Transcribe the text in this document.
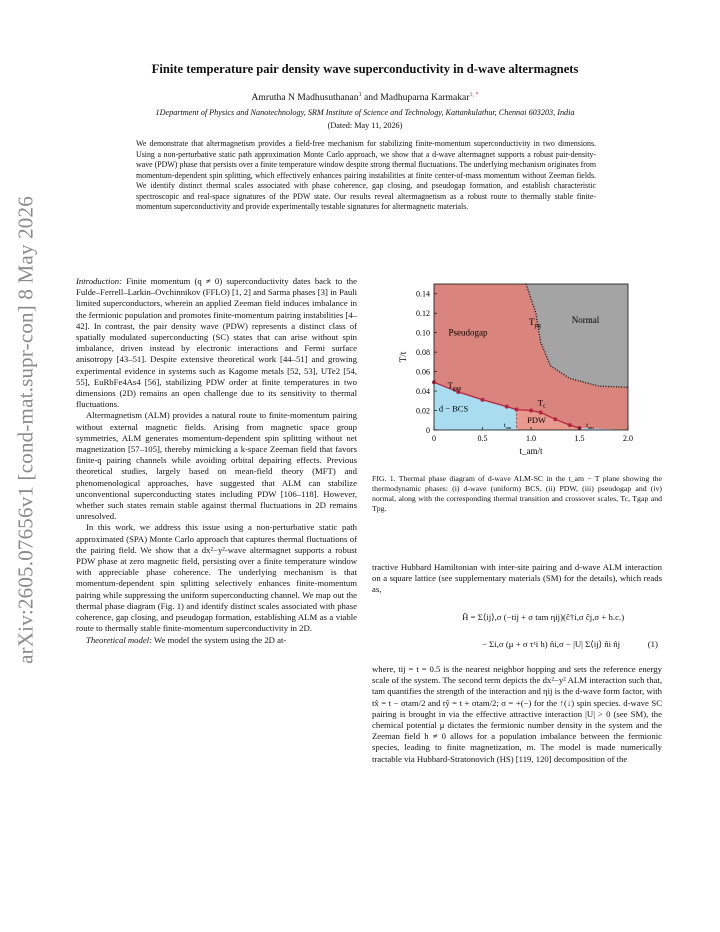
arXiv:2605.07656v1 [cond-mat.supr-con] 8 May 2026
Finite temperature pair density wave superconductivity in d-wave altermagnets
Amrutha N Madhusuthanan$^1$ and Madhuparna Karmakar$^{1, *}$
1Department of Physics and Nanotechnology, SRM Institute of Science and Technology, Kattankulathur, Chennai 603203, India
(Dated: May 11, 2026)

We demonstrate that altermagnetism provides a field-free mechanism for stabilizing finite-momentum superconductivity in two dimensions. Using a non-perturbative static path approximation Monte Carlo approach, we show that a d-wave altermagnet supports a robust pair-density-wave (PDW) phase that persists over a finite temperature window despite strong thermal fluctuations. The underlying mechanism originates from momentum-dependent spin splitting, which effectively enhances pairing instabilities at finite center-of-mass momentum without Zeeman fields. We identify distinct thermal scales associated with phase coherence, gap closing, and pseudogap formation, and establish characteristic spectroscopic and real-space signatures of the PDW state. Our results reveal altermagnetism as a robust route to thermally stable finite-momentum superconductivity and provide experimentally testable signatures for altermagnetic materials.

Introduction: Finite momentum (q ≠ 0) superconductivity dates back to the Fulde–Ferrell–Larkin–Ovchinnikov (FFLO) [1, 2] and Sarma phases [3] in Pauli limited superconductors, wherein an applied Zeeman field induces imbalance in the fermionic population and promotes finite-momentum pairing instabilities [4–42]. In contrast, the pair density wave (PDW) represents a distinct class of spatially modulated superconducting (SC) states that can arise without spin imbalance, driven instead by electronic interactions and Fermi surface anisotropy [43–51]. Despite extensive theoretical work [44–51] and growing experimental evidence in systems such as Kagome metals [52, 53], UTe2 [54, 55], EuRbFe4As4 [56], stabilizing PDW order at finite temperatures in two dimensions (2D) remains an open challenge due to its sensitivity to thermal fluctuations.

Altermagnetism (ALM) provides a natural route to finite-momentum pairing without external magnetic fields. Arising from magnetic space group symmetries, ALM generates momentum-dependent spin splitting without net magnetization [57–105], thereby mimicking a k-space Zeeman field that favors finite-q pairing channels while avoiding orbital depairing effects. Previous theoretical studies, largely based on mean-field theory (MFT) and phenomenological approaches, have suggested that ALM can stabilize unconventional superconducting states including PDW [106–118]. However, whether such states remain stable against thermal fluctuations in 2D remains unresolved.

In this work, we address this issue using a non-perturbative static path approximated (SPA) Monte Carlo approach that captures thermal fluctuations of the pairing field. We show that a dx²−y²-wave altermagnet supports a robust PDW phase at zero magnetic field, persisting over a finite temperature window with appreciable phase coherence. The underlying mechanism is that momentum-dependent spin splitting selectively enhances finite-momentum pairing while suppressing the uniform superconducting channel. We map out the thermal phase diagram (Fig. 1) and identify distinct scales associated with phase coherence, gap closing, and pseudogap formation, establishing ALM as a viable route to thermally stable finite-momentum superconductivity in 2D.

Theoretical model: We model the system using the 2D at-

0	0.5	1.0	1.5	2.0
0
0.02
0.04
0.06
0.08
0.10
0.12
0.14
t_am/t
T/t
Normal
Pseudogap
d − BCS
PDW
$T_{pg}$
$T_{gap}$
$T_c$
$t_{am}$	$t_{am}$
FIG. 1. Thermal phase diagram of d-wave ALM-SC in the t_am − T plane showing the thermodynamic phases: (i) d-wave (uniform) BCS, (ii) PDW, (iii) pseudogap and (iv) normal, along with the corresponding thermal transition and crossover scales, Tc, Tgap and Tpg.

tractive Hubbard Hamiltonian with inter-site pairing and d-wave ALM interaction on a square lattice (see supplementary materials (SM) for the details), which reads as,

Ĥ = Σ⟨ij⟩,σ (−tij + σ tam ηij)(ĉ†i,σ ĉj,σ + h.c.)
− Σi,σ (μ + σ τᶻi h) n̂i,σ − |U| Σ⟨ij⟩ n̂i n̂j	(1)

where, tij = t = 0.5 is the nearest neighbor hopping and sets the reference energy scale of the system. The second term depicts the dx²−y² ALM interaction such that, tam quantifies the strength of the interaction and ηij is the d-wave form factor, with tx̂ = t − σtam/2 and tŷ = t + σtam/2; σ = +(−) for the ↑(↓) spin species. d-wave SC pairing is brought in via the effective attractive interaction |U| > 0 (see SM), the chemical potential μ dictates the fermionic number density in the system and the Zeeman field h ≠ 0 allows for a population imbalance between the fermionic species, leading to finite magnetization, m. The model is made numerically tractable via Hubbard-Stratonovich (HS) [119, 120] decomposition of the
